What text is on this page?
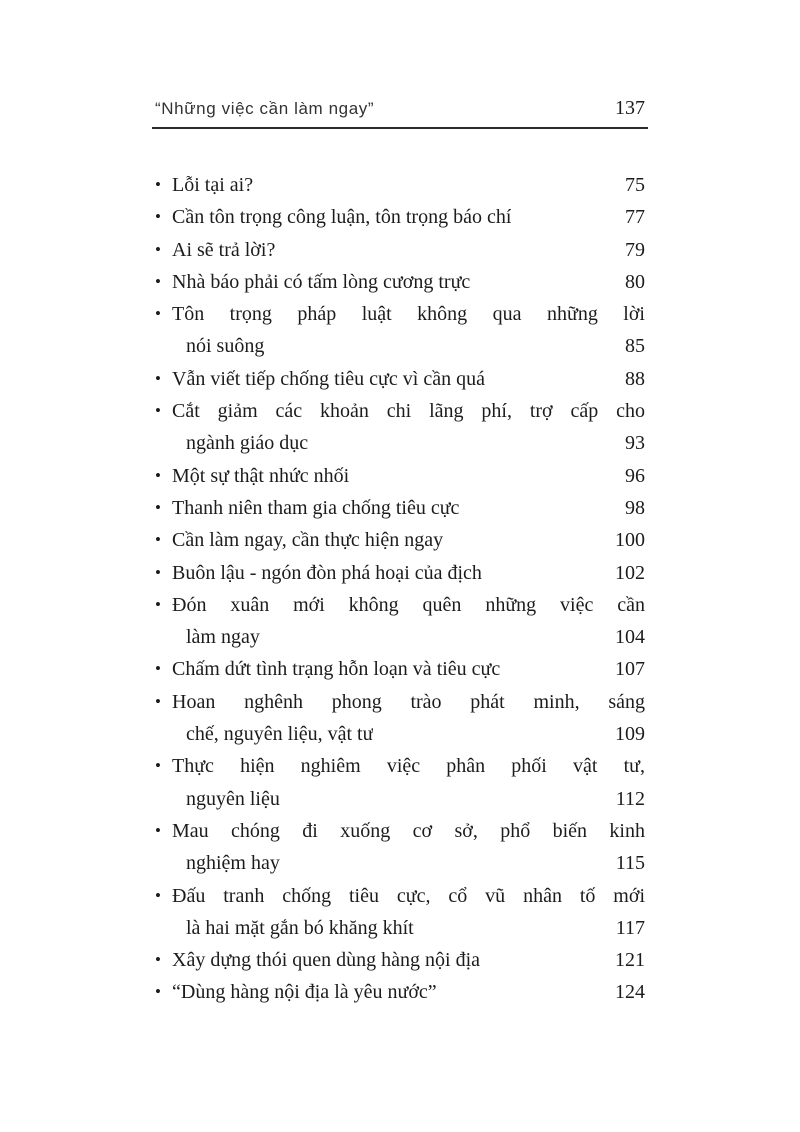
“Những việc cần làm ngay”	137
• Lỗi tại ai?	75
• Cần tôn trọng công luận, tôn trọng báo chí	77
• Ai sẽ trả lời?	79
• Nhà báo phải có tấm lòng cương trực	80
• Tôn trọng pháp luật không qua những lời
nói suông	85
• Vẫn viết tiếp chống tiêu cực vì cần quá	88
• Cắt giảm các khoản chi lãng phí, trợ cấp cho
ngành giáo dục	93
• Một sự thật nhức nhối	96
• Thanh niên tham gia chống tiêu cực	98
• Cần làm ngay, cần thực hiện ngay	100
• Buôn lậu - ngón đòn phá hoại của địch	102
• Đón xuân mới không quên những việc cần
làm ngay	104
• Chấm dứt tình trạng hỗn loạn và tiêu cực	107
• Hoan nghênh phong trào phát minh, sáng
chế, nguyên liệu, vật tư	109
• Thực hiện nghiêm việc phân phối vật tư,
nguyên liệu	112
• Mau chóng đi xuống cơ sở, phổ biến kinh
nghiệm hay	115
• Đấu tranh chống tiêu cực, cổ vũ nhân tố mới
là hai mặt gắn bó khăng khít	117
• Xây dựng thói quen dùng hàng nội địa	121
• “Dùng hàng nội địa là yêu nước”	124
